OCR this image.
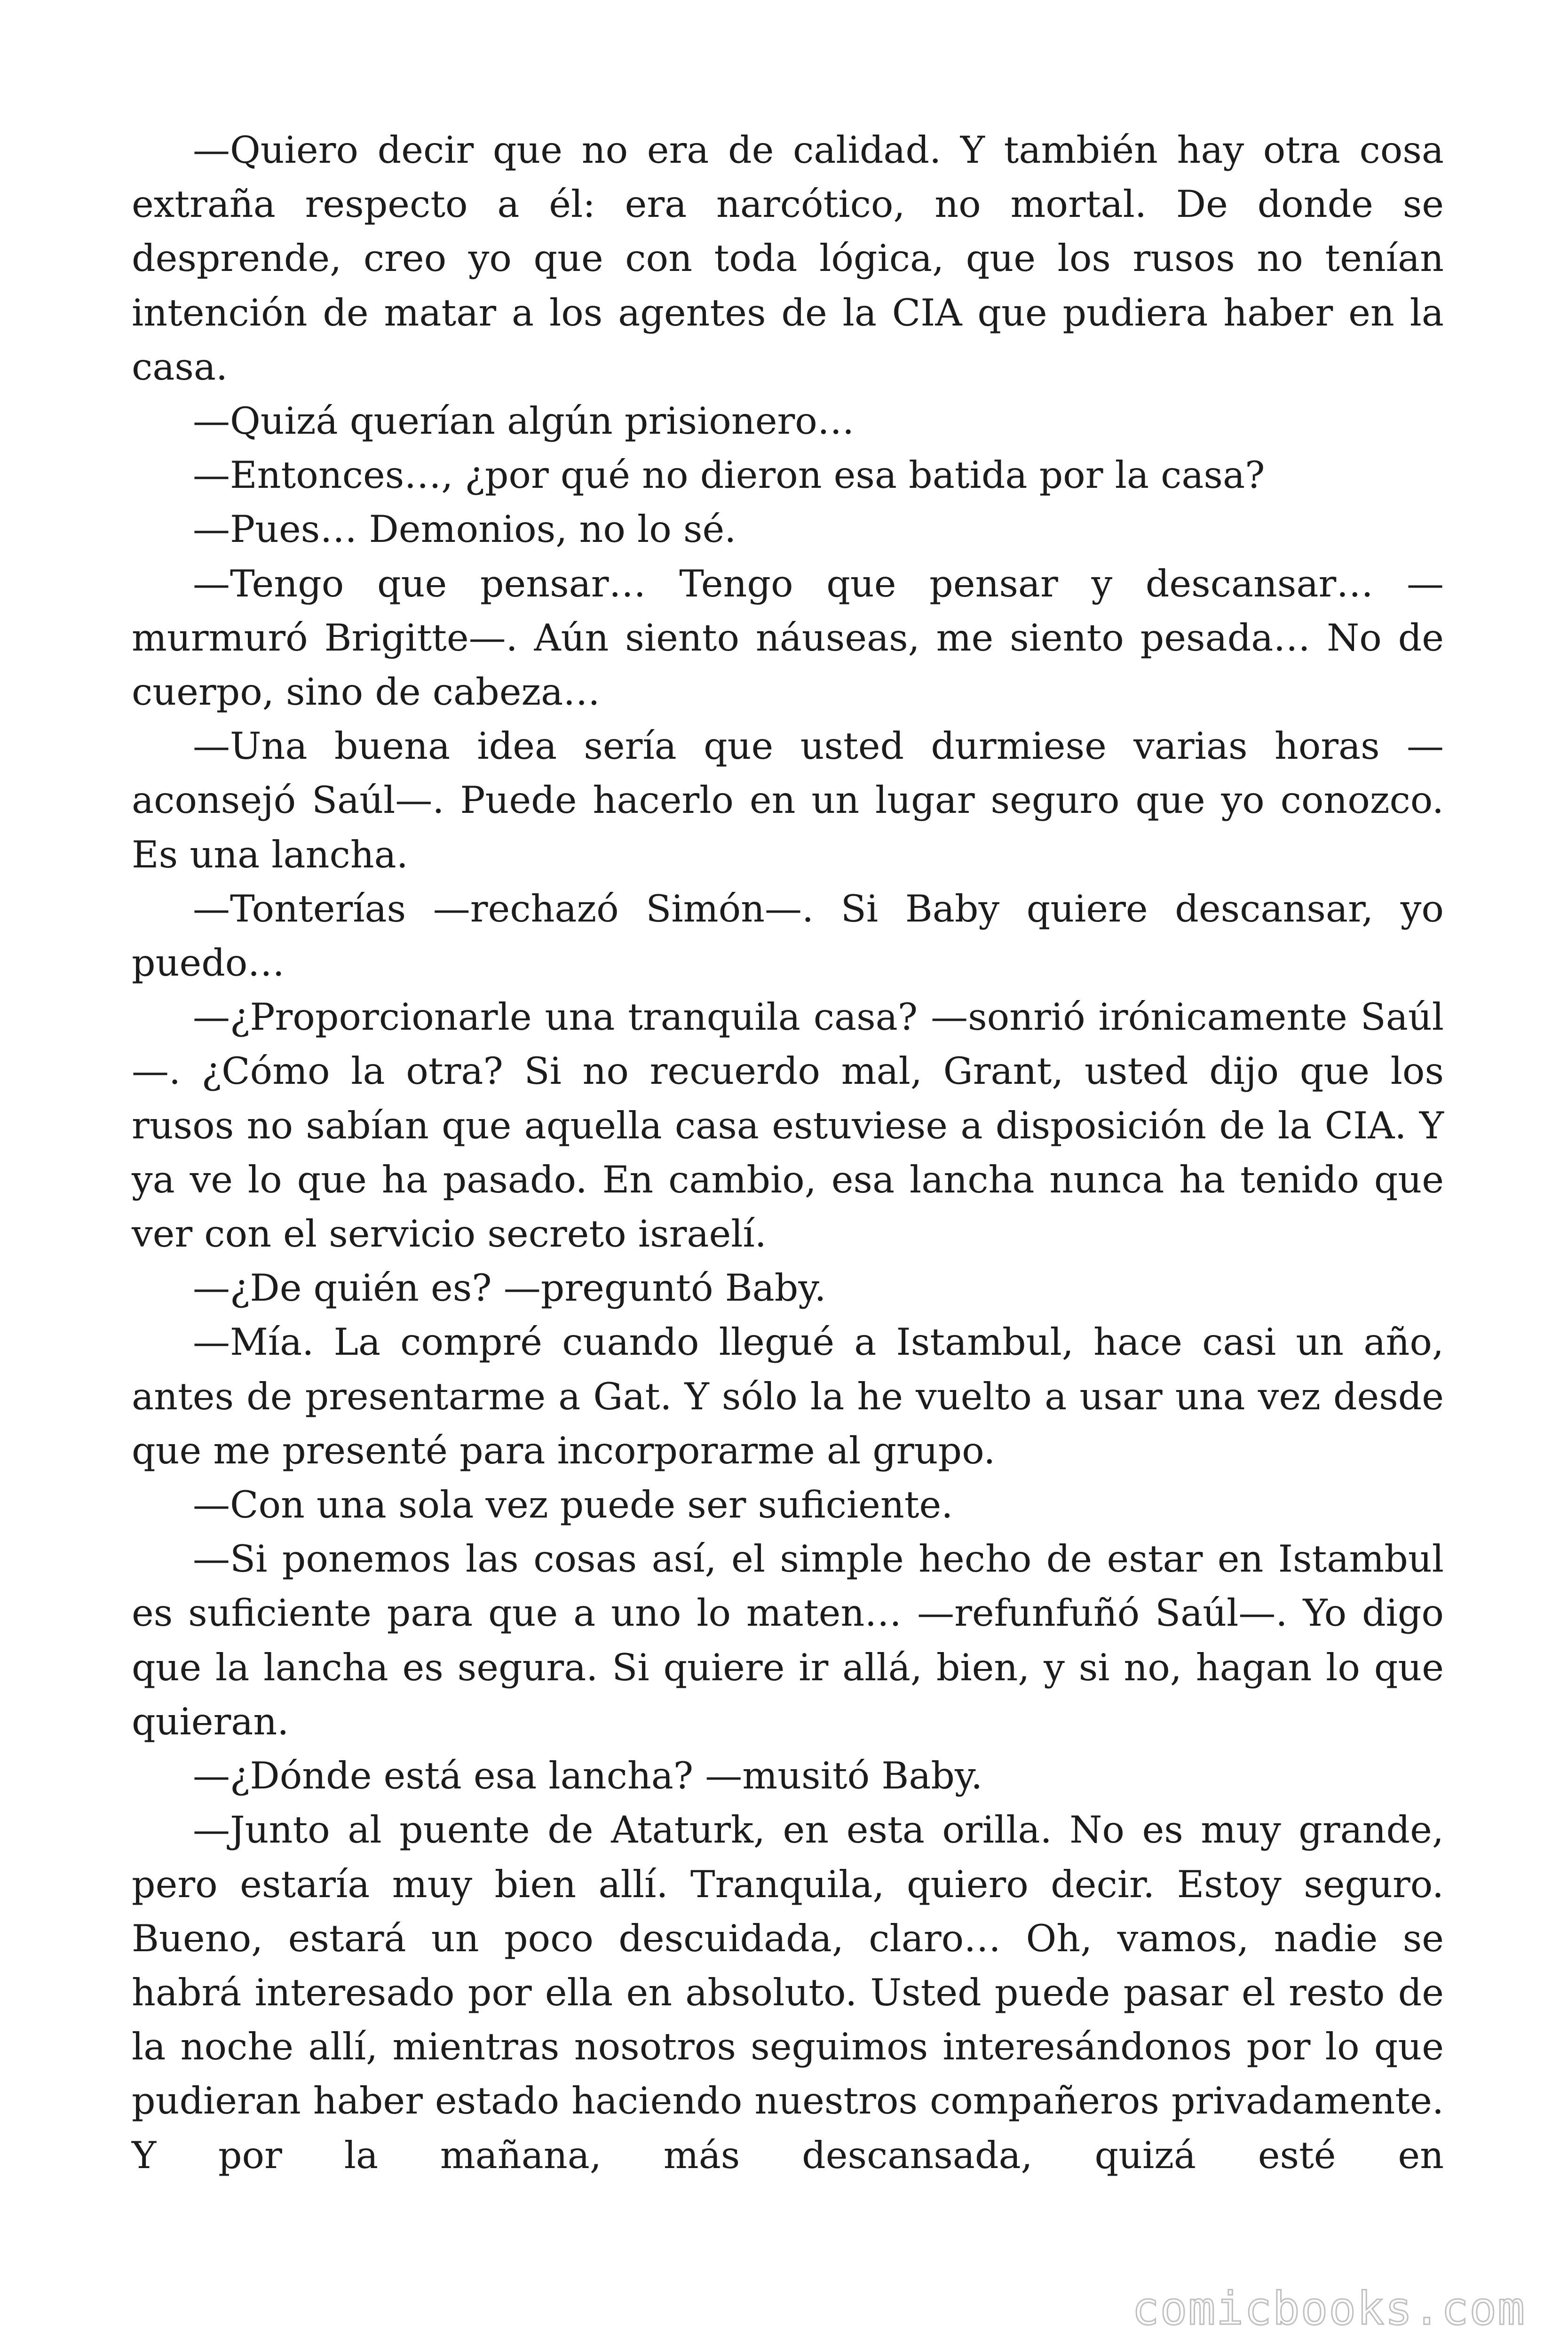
—Quiero decir que no era de calidad. Y también hay otra cosa extraña respecto a él: era narcótico, no mortal. De donde se desprende, creo yo que con toda lógica, que los rusos no tenían intención de matar a los agentes de la CIA que pudiera haber en la casa.

—Quizá querían algún prisionero…

—Entonces…, ¿por qué no dieron esa batida por la casa?

—Pues… Demonios, no lo sé.

—Tengo que pensar… Tengo que pensar y descansar… —murmuró Brigitte—. Aún siento náuseas, me siento pesada… No de cuerpo, sino de cabeza…

—Una buena idea sería que usted durmiese varias horas —aconsejó Saúl—. Puede hacerlo en un lugar seguro que yo conozco. Es una lancha.

—Tonterías —rechazó Simón—. Si Baby quiere descansar, yo puedo…

—¿Proporcionarle una tranquila casa? —sonrió irónicamente Saúl—. ¿Cómo la otra? Si no recuerdo mal, Grant, usted dijo que los rusos no sabían que aquella casa estuviese a disposición de la CIA. Y ya ve lo que ha pasado. En cambio, esa lancha nunca ha tenido que ver con el servicio secreto israelí.

—¿De quién es? —preguntó Baby.

—Mía. La compré cuando llegué a Istambul, hace casi un año, antes de presentarme a Gat. Y sólo la he vuelto a usar una vez desde que me presenté para incorporarme al grupo.

—Con una sola vez puede ser suficiente.

—Si ponemos las cosas así, el simple hecho de estar en Istambul es suficiente para que a uno lo maten… —refunfuñó Saúl—. Yo digo que la lancha es segura. Si quiere ir allá, bien, y si no, hagan lo que quieran.

—¿Dónde está esa lancha? —musitó Baby.

—Junto al puente de Ataturk, en esta orilla. No es muy grande, pero estaría muy bien allí. Tranquila, quiero decir. Estoy seguro. Bueno, estará un poco descuidada, claro… Oh, vamos, nadie se habrá interesado por ella en absoluto. Usted puede pasar el resto de la noche allí, mientras nosotros seguimos interesándonos por lo que pudieran haber estado haciendo nuestros compañeros privadamente. Y por la mañana, más descansada, quizá esté en

comicbooks.com
